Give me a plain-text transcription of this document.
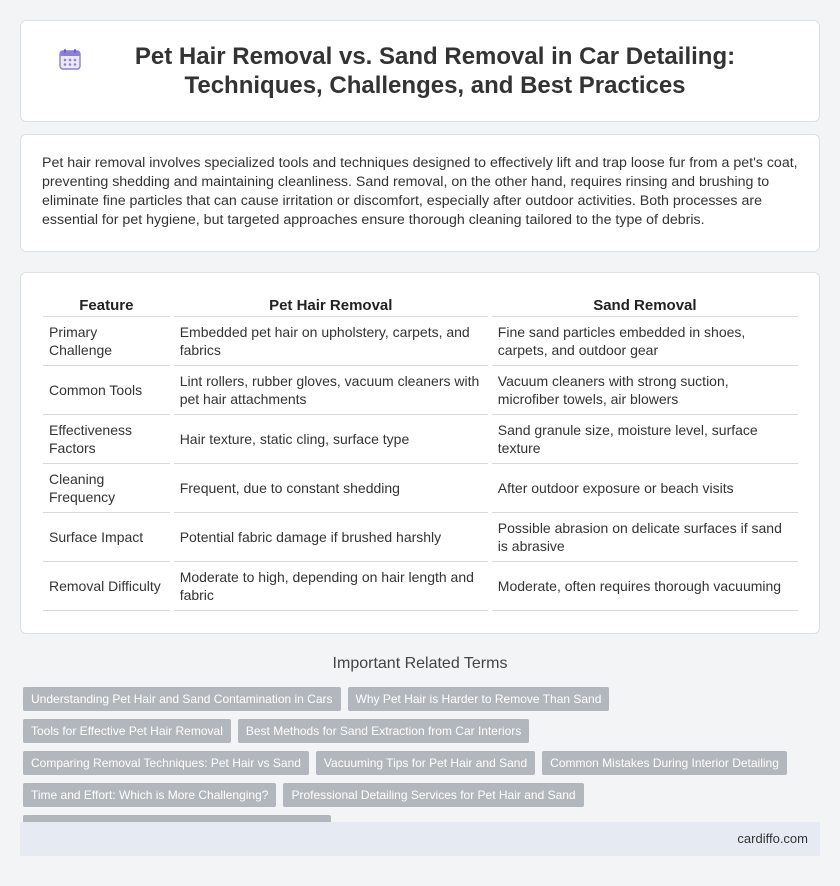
Pet Hair Removal vs. Sand Removal in Car Detailing: Techniques, Challenges, and Best Practices

Pet hair removal involves specialized tools and techniques designed to effectively lift and trap loose fur from a pet's coat, preventing shedding and maintaining cleanliness. Sand removal, on the other hand, requires rinsing and brushing to eliminate fine particles that can cause irritation or discomfort, especially after outdoor activities. Both processes are essential for pet hygiene, but targeted approaches ensure thorough cleaning tailored to the type of debris.

Feature		Pet Hair Removal		Sand Removal
Primary Challenge		Embedded pet hair on upholstery, carpets, and fabrics		Fine sand particles embedded in shoes, carpets, and outdoor gear
Common Tools		Lint rollers, rubber gloves, vacuum cleaners with pet hair attachments		Vacuum cleaners with strong suction, microfiber towels, air blowers
Effectiveness Factors		Hair texture, static cling, surface type		Sand granule size, moisture level, surface texture
Cleaning Frequency		Frequent, due to constant shedding		After outdoor exposure or beach visits
Surface Impact		Potential fabric damage if brushed harshly		Possible abrasion on delicate surfaces if sand is abrasive
Removal Difficulty		Moderate to high, depending on hair length and fabric		Moderate, often requires thorough vacuuming
Important Related Terms
Understanding Pet Hair and Sand Contamination in Cars	Why Pet Hair is Harder to Remove Than Sand
Tools for Effective Pet Hair Removal	Best Methods for Sand Extraction from Car Interiors
Comparing Removal Techniques: Pet Hair vs Sand	Vacuuming Tips for Pet Hair and Sand	Common Mistakes During Interior Detailing
Time and Effort: Which is More Challenging?	Professional Detailing Services for Pet Hair and Sand
cardiffo.com
